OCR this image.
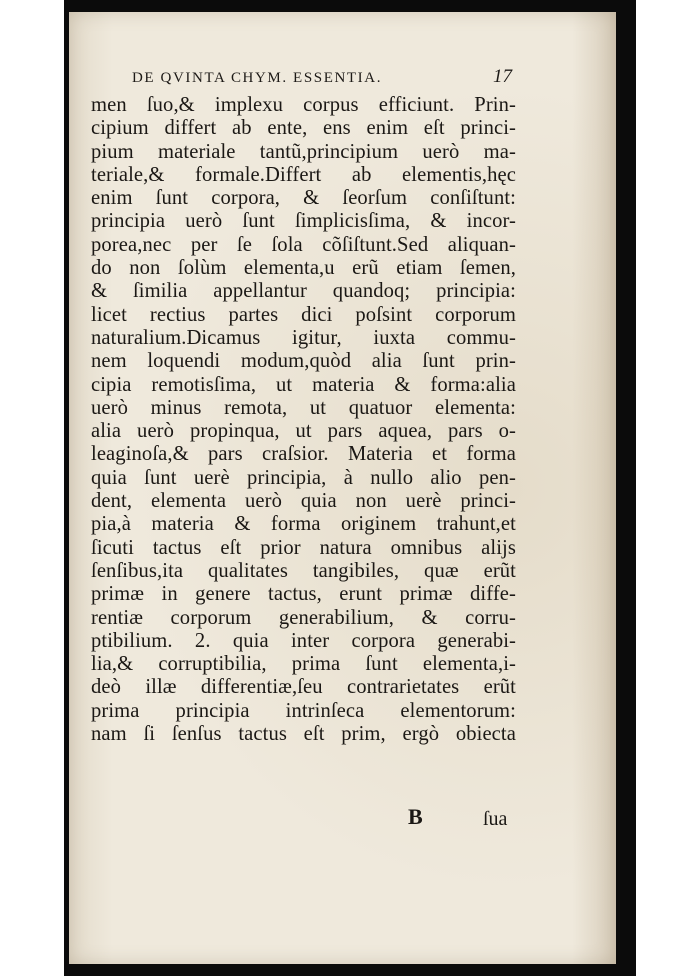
DE QVINTA CHYM. ESSENTIA.	17
men ſuo,& implexu corpus efficiunt. Prin-
cipium differt ab ente, ens enim eſt princi-
pium materiale tantũ,principium uerò ma-
teriale,& formale.Differt ab elementis,hęc
enim ſunt corpora, & ſeorſum conſiſtunt:
principia uerò ſunt ſimplicisſima, & incor-
porea,nec per ſe ſola cõſiſtunt.Sed aliquan-
do non ſolùm elementa,u erũ etiam ſemen,
& ſimilia appellantur quandoq; principia:
licet rectius partes dici poſsint corporum
naturalium.Dicamus igitur, iuxta commu-
nem loquendi modum,quòd alia ſunt prin-
cipia remotisſima, ut materia & forma:alia
uerò minus remota, ut quatuor elementa:
alia uerò propinqua, ut pars aquea, pars o-
leaginoſa,& pars craſsior. Materia et forma
quia ſunt uerè principia, à nullo alio pen-
dent, elementa uerò quia non uerè princi-
pia,à materia & forma originem trahunt,et
ſicuti tactus eſt prior natura omnibus alijs
ſenſibus,ita qualitates tangibiles, quæ erũt
primæ in genere tactus, erunt primæ diffe-
rentiæ corporum generabilium, & corru-
ptibilium. 2. quia inter corpora generabi-
lia,& corruptibilia, prima ſunt elementa,i-
deò illæ differentiæ,ſeu contrarietates erũt
prima principia intrinſeca elementorum:
nam ſi ſenſus tactus eſt prim, ergò obiecta
B	ſua
